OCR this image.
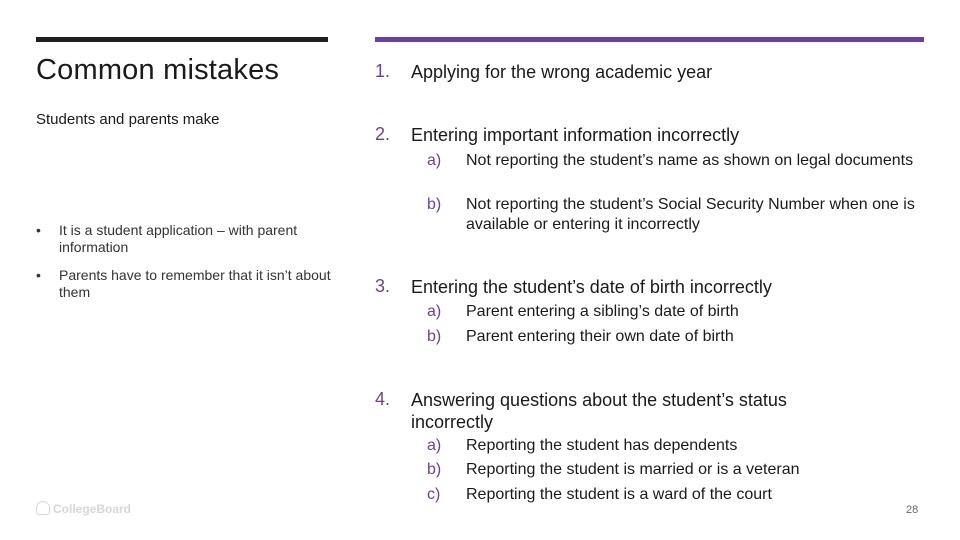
Common mistakes
Students and parents make
• It is a student application – with parent information
• Parents have to remember that it isn’t about them
1. Applying for the wrong academic year
2. Entering important information incorrectly
a)	Not reporting the student’s name as shown on legal documents
b)	Not reporting the student’s Social Security Number when one is available or entering it incorrectly
3. Entering the student’s date of birth incorrectly
a)	Parent entering a sibling’s date of birth
b)	Parent entering their own date of birth
4. Answering questions about the student’s status incorrectly
a)	Reporting the student has dependents
b)	Reporting the student is married or is a veteran
c)	Reporting the student is a ward of the court
CollegeBoard	28
